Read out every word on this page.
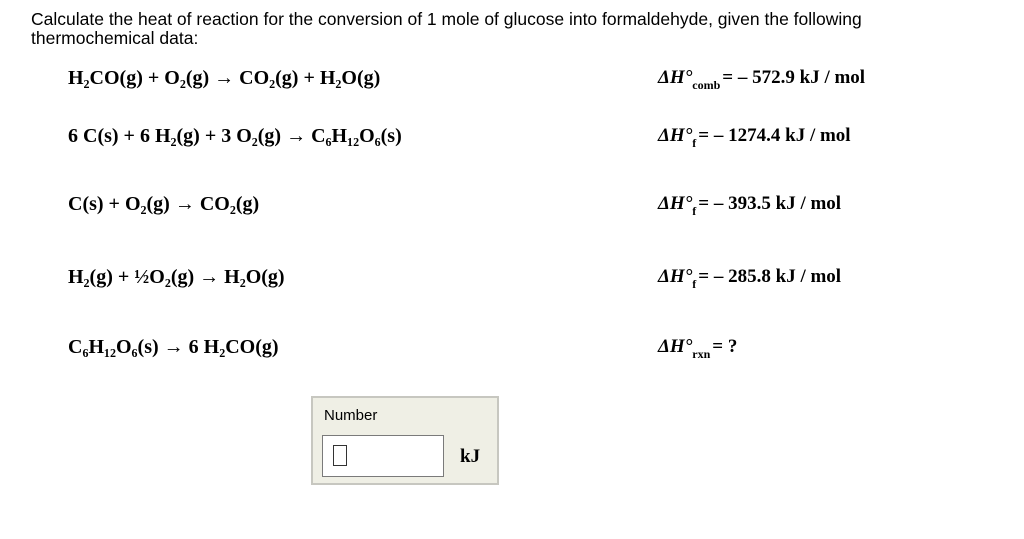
Calculate the heat of reaction for the conversion of 1 mole of glucose into formaldehyde, given the following thermochemical data:
H₂CO(g) + O₂(g) → CO₂(g) + H₂O(g)	$\Delta H^\circ_{comb}$ = – 572.9 kJ / mol
6 C(s) + 6 H₂(g) + 3 O₂(g) → C₆H₁₂O₆(s)	$\Delta H^\circ_f$ = – 1274.4 kJ / mol
C(s) + O₂(g) → CO₂(g)	$\Delta H^\circ_f$ = – 393.5 kJ / mol
H₂(g) + ½O₂(g) → H₂O(g)	$\Delta H^\circ_f$ = – 285.8 kJ / mol
C₆H₁₂O₆(s) → 6 H₂CO(g)	$\Delta H^\circ_{rxn}$ = ?
Number
kJ
